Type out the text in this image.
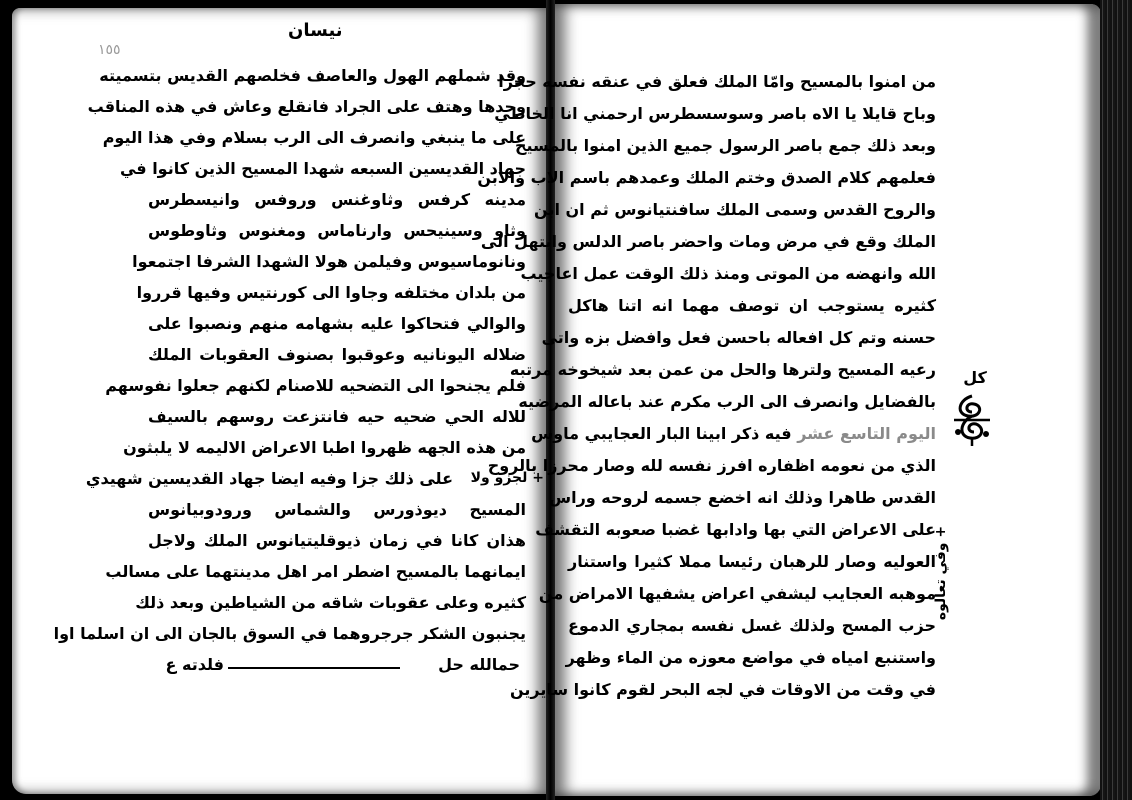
١٥٥
نيسان
وقد شملهم الهول والعاصف فخلصهم القديس بتسميته
وحدها وهتف على الجراد فانقلع وعاش في هذه المناقب
على ما ينبغي وانصرف الى الرب بسلام وفي هذا اليوم
جهاد القديسين السبعه شهدا المسيح الذين كانوا في
مدينه كرفس وثاوغنس وروفس وانيسطرس
وثاو وسينيحس وارناماس ومغنوس وثاوطوس
ونانوماسيوس وفيلمن هولا الشهدا الشرفا اجتمعوا
من بلدان مختلفه وجاوا الى كورنتيس وفيها قرروا
والوالي فتحاكوا عليه بشهامه منهم ونصبوا على
ضلاله اليونانيه وعوقبوا بصنوف العقوبات الملك
فلم يجنحوا الى التضحيه للاصنام لكنهم جعلوا نفوسهم
للاله الحي ضحيه حيه فانتزعت روسهم بالسيف
من هذه الجهه ظهروا اطبا الاعراض الاليمه لا يلبثون
على ذلك جزا وفيه ايضا جهاد القديسين شهيدي
المسيح ديوذورس والشماس ورودوبيانوس
هذان كانا في زمان ذيوقليتيانوس الملك ولاجل
ايمانهما بالمسيح اضطر امر اهل مدينتهما على مسالب
كثيره وعلى عقوبات شاقه من الشياطين وبعد ذلك
يجنبون الشكر جرجروهما في السوق بالجان الى ان اسلما اوا
حمالله حل
فلدته ع
+ لجزو ولا
من امنوا بالمسيح وامّا الملك فعلق في عنقه نفسه حجرا
وباح قايلا يا الاه باصر وسوسسطرس ارحمني انا الخاطي
وبعد ذلك جمع باصر الرسول جميع الذين امنوا بالمسيح
فعلمهم كلام الصدق وختم الملك وعمدهم باسم الاب والابن
والروح القدس وسمى الملك سافنتيانوس ثم ان ابن
الملك وقع في مرض ومات واحضر باصر الدلس وابتهل الى
الله وانهضه من الموتى ومنذ ذلك الوقت عمل اعاجيب
كثيره يستوجب ان توصف مهما انه اتنا هاكل
حسنه وتم كل افعاله باحسن فعل وافضل بزه واتى
رعيه المسيح ولترها والحل من عمن بعد شيخوخه مرتبه
بالفضايل وانصرف الى الرب مكرم عند باعاله المرضيه
اليوم التاسع عشر فيه ذكر ابينا البار العجايبي ماوس
الذي من نعومه اظفاره افرز نفسه لله وصار محرزا بالروح
القدس طاهرا وذلك انه اخضع جسمه لروحه وراس
على الاعراض التي بها وادابها غضبا صعوبه التقشف
العوليه وصار للرهبان رئيسا مملا كثيرا واستنار
موهبه العجايب ليشفي اعراض يشفيها الامراض من
حزب المسح ولذلك غسل نفسه بمجاري الدموع
واستنبع امياه في مواضع معوزه من الماء وظهر
في وقت من الاوقات في لجه البحر لقوم كانوا سايرين
كل
+ وفي تعالوه
